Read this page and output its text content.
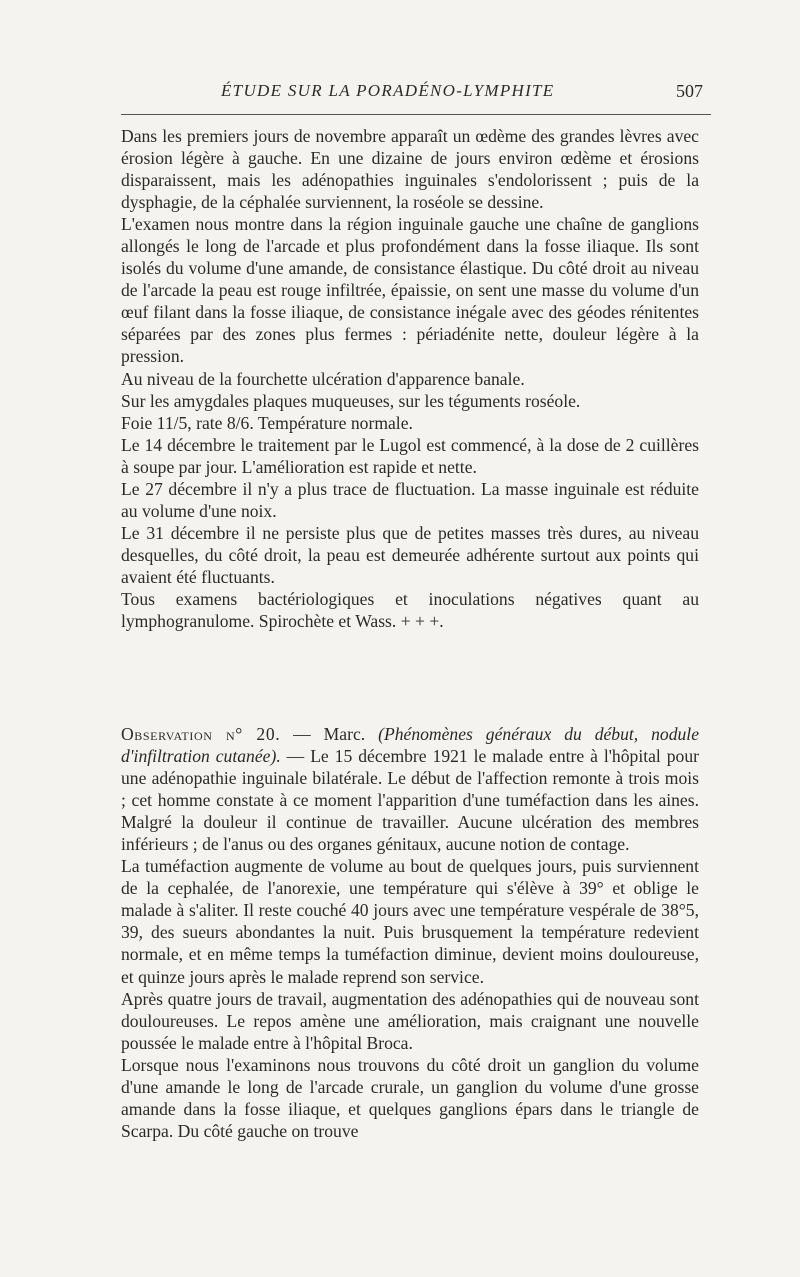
ÉTUDE SUR LA PORADÉNO-LYMPHITE	507

Dans les premiers jours de novembre apparaît un œdème des grandes lèvres avec érosion légère à gauche. En une dizaine de jours environ œdème et érosions disparaissent, mais les adénopathies inguinales s'endolorissent ; puis de la dysphagie, de la céphalée surviennent, la roséole se dessine.

L'examen nous montre dans la région inguinale gauche une chaîne de ganglions allongés le long de l'arcade et plus profondément dans la fosse iliaque. Ils sont isolés du volume d'une amande, de consistance élastique. Du côté droit au niveau de l'arcade la peau est rouge infiltrée, épaissie, on sent une masse du volume d'un œuf filant dans la fosse iliaque, de consistance inégale avec des géodes rénitentes séparées par des zones plus fermes : périadénite nette, douleur légère à la pression.

Au niveau de la fourchette ulcération d'apparence banale.

Sur les amygdales plaques muqueuses, sur les téguments roséole.

Foie 11/5, rate 8/6. Température normale.

Le 14 décembre le traitement par le Lugol est commencé, à la dose de 2 cuillères à soupe par jour. L'amélioration est rapide et nette.

Le 27 décembre il n'y a plus trace de fluctuation. La masse inguinale est réduite au volume d'une noix.

Le 31 décembre il ne persiste plus que de petites masses très dures, au niveau desquelles, du côté droit, la peau est demeurée adhérente surtout aux points qui avaient été fluctuants.

Tous examens bactériologiques et inoculations négatives quant au lymphogranulome. Spirochète et Wass. + + +.

Observation n° 20. — Marc. (Phénomènes généraux du début, nodule d'infiltration cutanée). — Le 15 décembre 1921 le malade entre à l'hôpital pour une adénopathie inguinale bilatérale. Le début de l'affection remonte à trois mois ; cet homme constate à ce moment l'apparition d'une tuméfaction dans les aines. Malgré la douleur il continue de travailler. Aucune ulcération des membres inférieurs ; de l'anus ou des organes génitaux, aucune notion de contage.

La tuméfaction augmente de volume au bout de quelques jours, puis surviennent de la cephalée, de l'anorexie, une température qui s'élève à 39° et oblige le malade à s'aliter. Il reste couché 40 jours avec une température vespérale de 38°5, 39, des sueurs abondantes la nuit. Puis brusquement la température redevient normale, et en même temps la tuméfaction diminue, devient moins douloureuse, et quinze jours après le malade reprend son service.

Après quatre jours de travail, augmentation des adénopathies qui de nouveau sont douloureuses. Le repos amène une amélioration, mais craignant une nouvelle poussée le malade entre à l'hôpital Broca.

Lorsque nous l'examinons nous trouvons du côté droit un ganglion du volume d'une amande le long de l'arcade crurale, un ganglion du volume d'une grosse amande dans la fosse iliaque, et quelques ganglions épars dans le triangle de Scarpa. Du côté gauche on trouve
